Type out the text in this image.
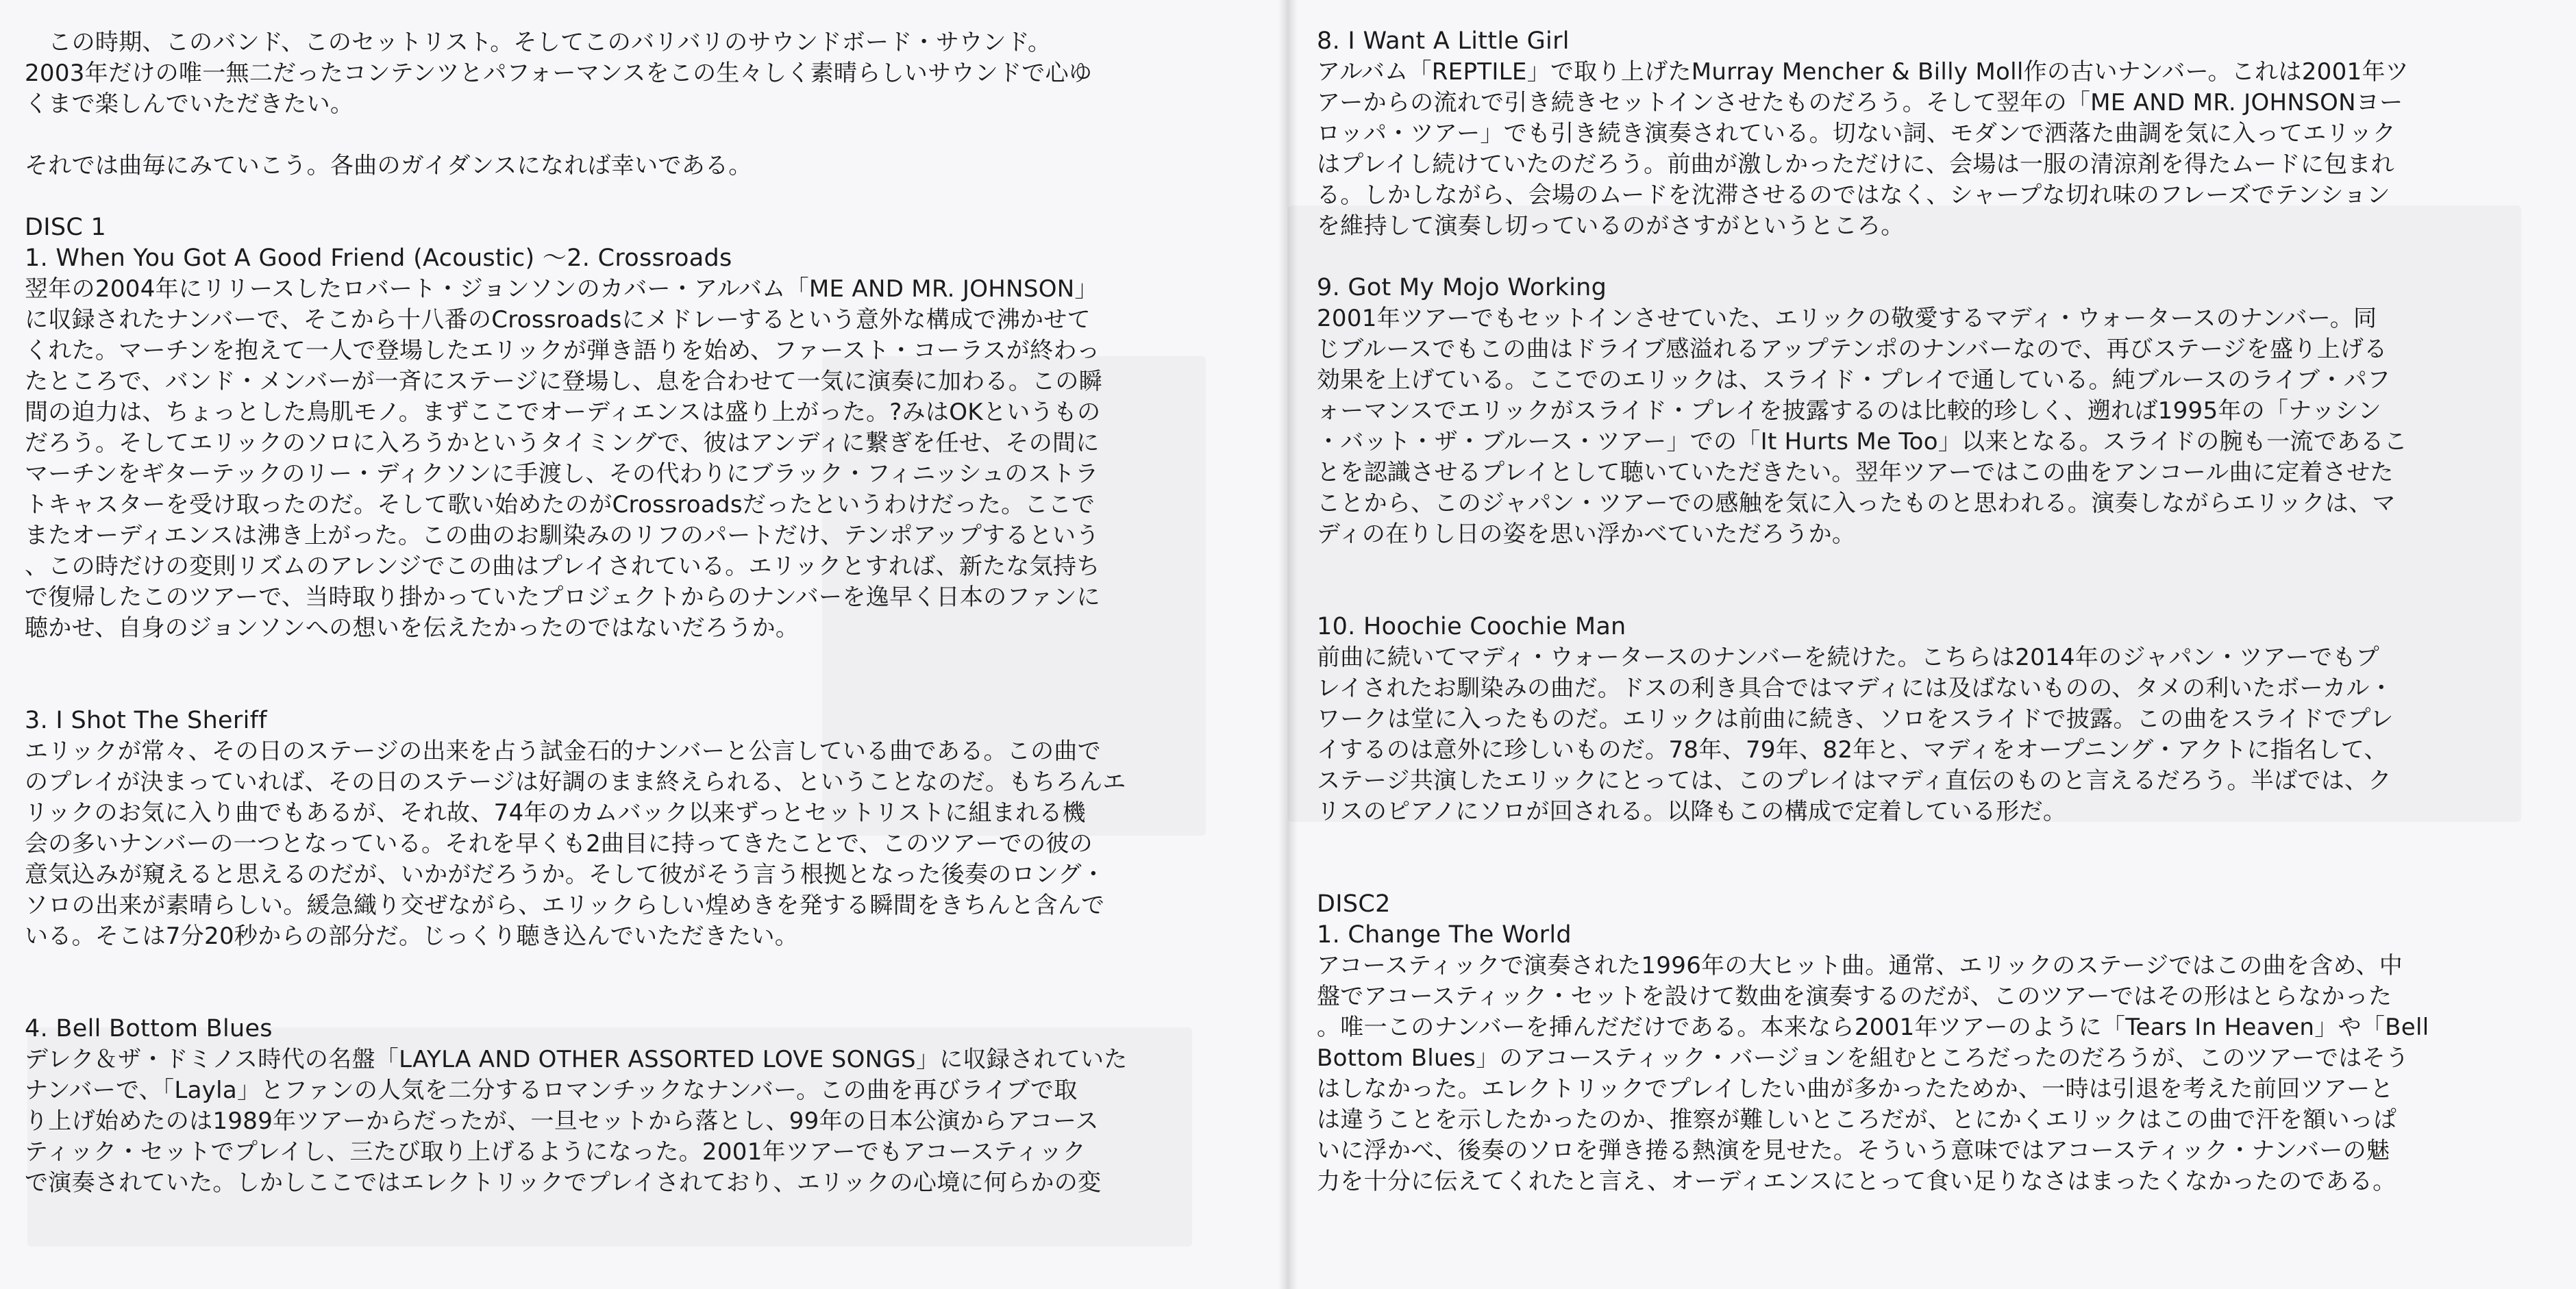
　この時期、このバンド、このセットリスト。そしてこのバリバリのサウンドボード・サウンド。

2003年だけの唯一無二だったコンテンツとパフォーマンスをこの生々しく素晴らしいサウンドで心ゆ

くまで楽しんでいただきたい。

それでは曲毎にみていこう。各曲のガイダンスになれば幸いである。

DISC 1

1. When You Got A Good Friend (Acoustic) ～2. Crossroads

翌年の2004年にリリースしたロバート・ジョンソンのカバー・アルバム「ME AND MR. JOHNSON」

に収録されたナンバーで、そこから十八番のCrossroadsにメドレーするという意外な構成で沸かせて

くれた。マーチンを抱えて一人で登場したエリックが弾き語りを始め、ファースト・コーラスが終わっ

たところで、バンド・メンバーが一斉にステージに登場し、息を合わせて一気に演奏に加わる。この瞬

間の迫力は、ちょっとした鳥肌モノ。まずここでオーディエンスは盛り上がった。?みはOKというもの

だろう。そしてエリックのソロに入ろうかというタイミングで、彼はアンディに繋ぎを任せ、その間に

マーチンをギターテックのリー・ディクソンに手渡し、その代わりにブラック・フィニッシュのストラ

トキャスターを受け取ったのだ。そして歌い始めたのがCrossroadsだったというわけだった。ここで

またオーディエンスは沸き上がった。この曲のお馴染みのリフのパートだけ、テンポアップするという

、この時だけの変則リズムのアレンジでこの曲はプレイされている。エリックとすれば、新たな気持ち

で復帰したこのツアーで、当時取り掛かっていたプロジェクトからのナンバーを逸早く日本のファンに

聴かせ、自身のジョンソンへの想いを伝えたかったのではないだろうか。

3. I Shot The Sheriff

エリックが常々、その日のステージの出来を占う試金石的ナンバーと公言している曲である。この曲で

のプレイが決まっていれば、その日のステージは好調のまま終えられる、ということなのだ。もちろんエ

リックのお気に入り曲でもあるが、それ故、74年のカムバック以来ずっとセットリストに組まれる機

会の多いナンバーの一つとなっている。それを早くも2曲目に持ってきたことで、このツアーでの彼の

意気込みが窺えると思えるのだが、いかがだろうか。そして彼がそう言う根拠となった後奏のロング・

ソロの出来が素晴らしい。緩急織り交ぜながら、エリックらしい煌めきを発する瞬間をきちんと含んで

いる。そこは7分20秒からの部分だ。じっくり聴き込んでいただきたい。

4. Bell Bottom Blues

デレク＆ザ・ドミノス時代の名盤「LAYLA AND OTHER ASSORTED LOVE SONGS」に収録されていた

ナンバーで、「Layla」とファンの人気を二分するロマンチックなナンバー。この曲を再びライブで取

り上げ始めたのは1989年ツアーからだったが、一旦セットから落とし、99年の日本公演からアコース

ティック・セットでプレイし、三たび取り上げるようになった。2001年ツアーでもアコースティック

で演奏されていた。しかしここではエレクトリックでプレイされており、エリックの心境に何らかの変

8. I Want A Little Girl

アルバム「REPTILE」で取り上げたMurray Mencher & Billy Moll作の古いナンバー。これは2001年ツ

アーからの流れで引き続きセットインさせたものだろう。そして翌年の「ME AND MR. JOHNSONヨー

ロッパ・ツアー」でも引き続き演奏されている。切ない詞、モダンで洒落た曲調を気に入ってエリック

はプレイし続けていたのだろう。前曲が激しかっただけに、会場は一服の清涼剤を得たムードに包まれ

る。しかしながら、会場のムードを沈滞させるのではなく、シャープな切れ味のフレーズでテンション

を維持して演奏し切っているのがさすがというところ。

9. Got My Mojo Working

2001年ツアーでもセットインさせていた、エリックの敬愛するマディ・ウォータースのナンバー。同

じブルースでもこの曲はドライブ感溢れるアップテンポのナンバーなので、再びステージを盛り上げる

効果を上げている。ここでのエリックは、スライド・プレイで通している。純ブルースのライブ・パフ

ォーマンスでエリックがスライド・プレイを披露するのは比較的珍しく、遡れば1995年の「ナッシン

・バット・ザ・ブルース・ツアー」での「It Hurts Me Too」以来となる。スライドの腕も一流であるこ

とを認識させるプレイとして聴いていただきたい。翌年ツアーではこの曲をアンコール曲に定着させた

ことから、このジャパン・ツアーでの感触を気に入ったものと思われる。演奏しながらエリックは、マ

ディの在りし日の姿を思い浮かべていただろうか。

10. Hoochie Coochie Man

前曲に続いてマディ・ウォータースのナンバーを続けた。こちらは2014年のジャパン・ツアーでもプ

レイされたお馴染みの曲だ。ドスの利き具合ではマディには及ばないものの、タメの利いたボーカル・

ワークは堂に入ったものだ。エリックは前曲に続き、ソロをスライドで披露。この曲をスライドでプレ

イするのは意外に珍しいものだ。78年、79年、82年と、マディをオープニング・アクトに指名して、

ステージ共演したエリックにとっては、このプレイはマディ直伝のものと言えるだろう。半ばでは、ク

リスのピアノにソロが回される。以降もこの構成で定着している形だ。

DISC2

1. Change The World

アコースティックで演奏された1996年の大ヒット曲。通常、エリックのステージではこの曲を含め、中

盤でアコースティック・セットを設けて数曲を演奏するのだが、このツアーではその形はとらなかった

。唯一このナンバーを挿んだだけである。本来なら2001年ツアーのように「Tears In Heaven」や「Bell

Bottom Blues」のアコースティック・バージョンを組むところだったのだろうが、このツアーではそう

はしなかった。エレクトリックでプレイしたい曲が多かったためか、一時は引退を考えた前回ツアーと

は違うことを示したかったのか、推察が難しいところだが、とにかくエリックはこの曲で汗を額いっぱ

いに浮かべ、後奏のソロを弾き捲る熱演を見せた。そういう意味ではアコースティック・ナンバーの魅

力を十分に伝えてくれたと言え、オーディエンスにとって食い足りなさはまったくなかったのである。
